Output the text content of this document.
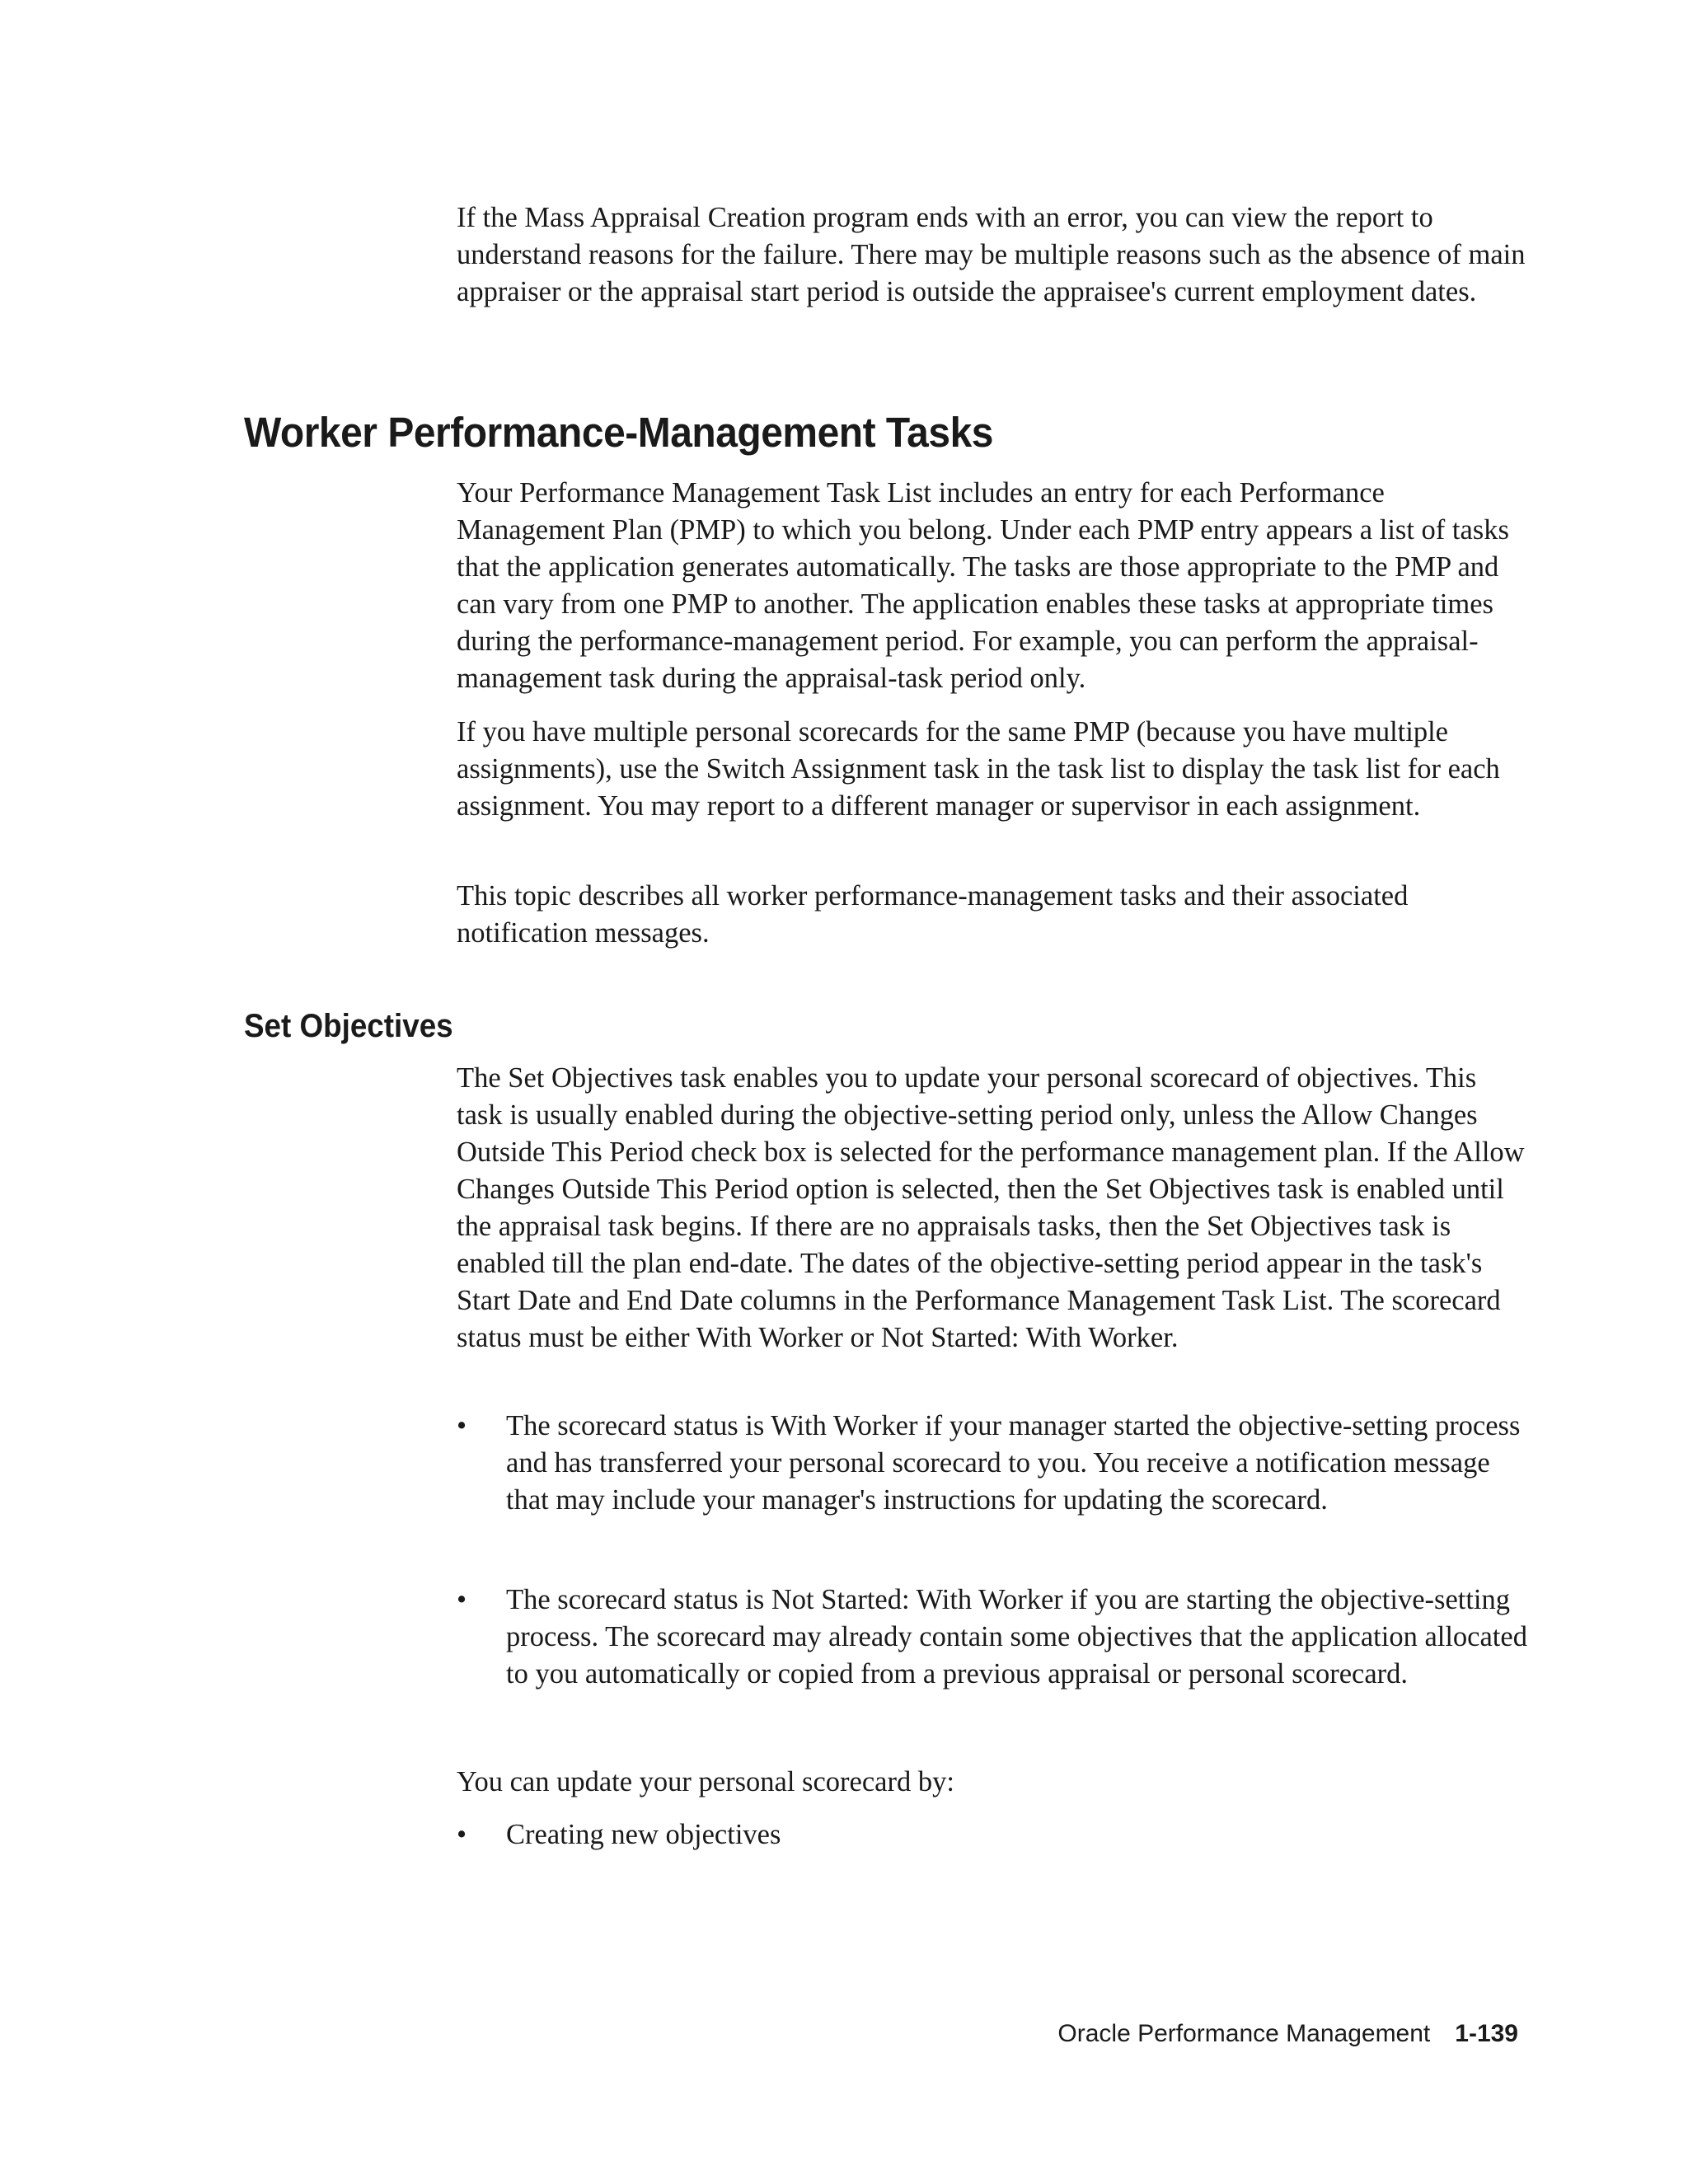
If the Mass Appraisal Creation program ends with an error, you can view the report to understand reasons for the failure. There may be multiple reasons such as the absence of main appraiser or the appraisal start period is outside the appraisee's current employment dates.

Worker Performance-Management Tasks

Your Performance Management Task List includes an entry for each Performance Management Plan (PMP) to which you belong. Under each PMP entry appears a list of tasks that the application generates automatically. The tasks are those appropriate to the PMP and can vary from one PMP to another. The application enables these tasks at appropriate times during the performance-management period. For example, you can perform the appraisal-management task during the appraisal-task period only.

If you have multiple personal scorecards for the same PMP (because you have multiple assignments), use the Switch Assignment task in the task list to display the task list for each assignment. You may report to a different manager or supervisor in each assignment.

This topic describes all worker performance-management tasks and their associated notification messages.

Set Objectives

The Set Objectives task enables you to update your personal scorecard of objectives. This task is usually enabled during the objective-setting period only, unless the Allow Changes Outside This Period check box is selected for the performance management plan. If the Allow Changes Outside This Period option is selected, then the Set Objectives task is enabled until the appraisal task begins. If there are no appraisals tasks, then the Set Objectives task is enabled till the plan end-date. The dates of the objective-setting period appear in the task's Start Date and End Date columns in the Performance Management Task List. The scorecard status must be either With Worker or Not Started: With Worker.

•	The scorecard status is With Worker if your manager started the objective-setting process and has transferred your personal scorecard to you. You receive a notification message that may include your manager's instructions for updating the scorecard.
•	The scorecard status is Not Started: With Worker if you are starting the objective-setting process. The scorecard may already contain some objectives that the application allocated to you automatically or copied from a previous appraisal or personal scorecard.

You can update your personal scorecard by:

•	Creating new objectives
Oracle Performance Management 1-139
